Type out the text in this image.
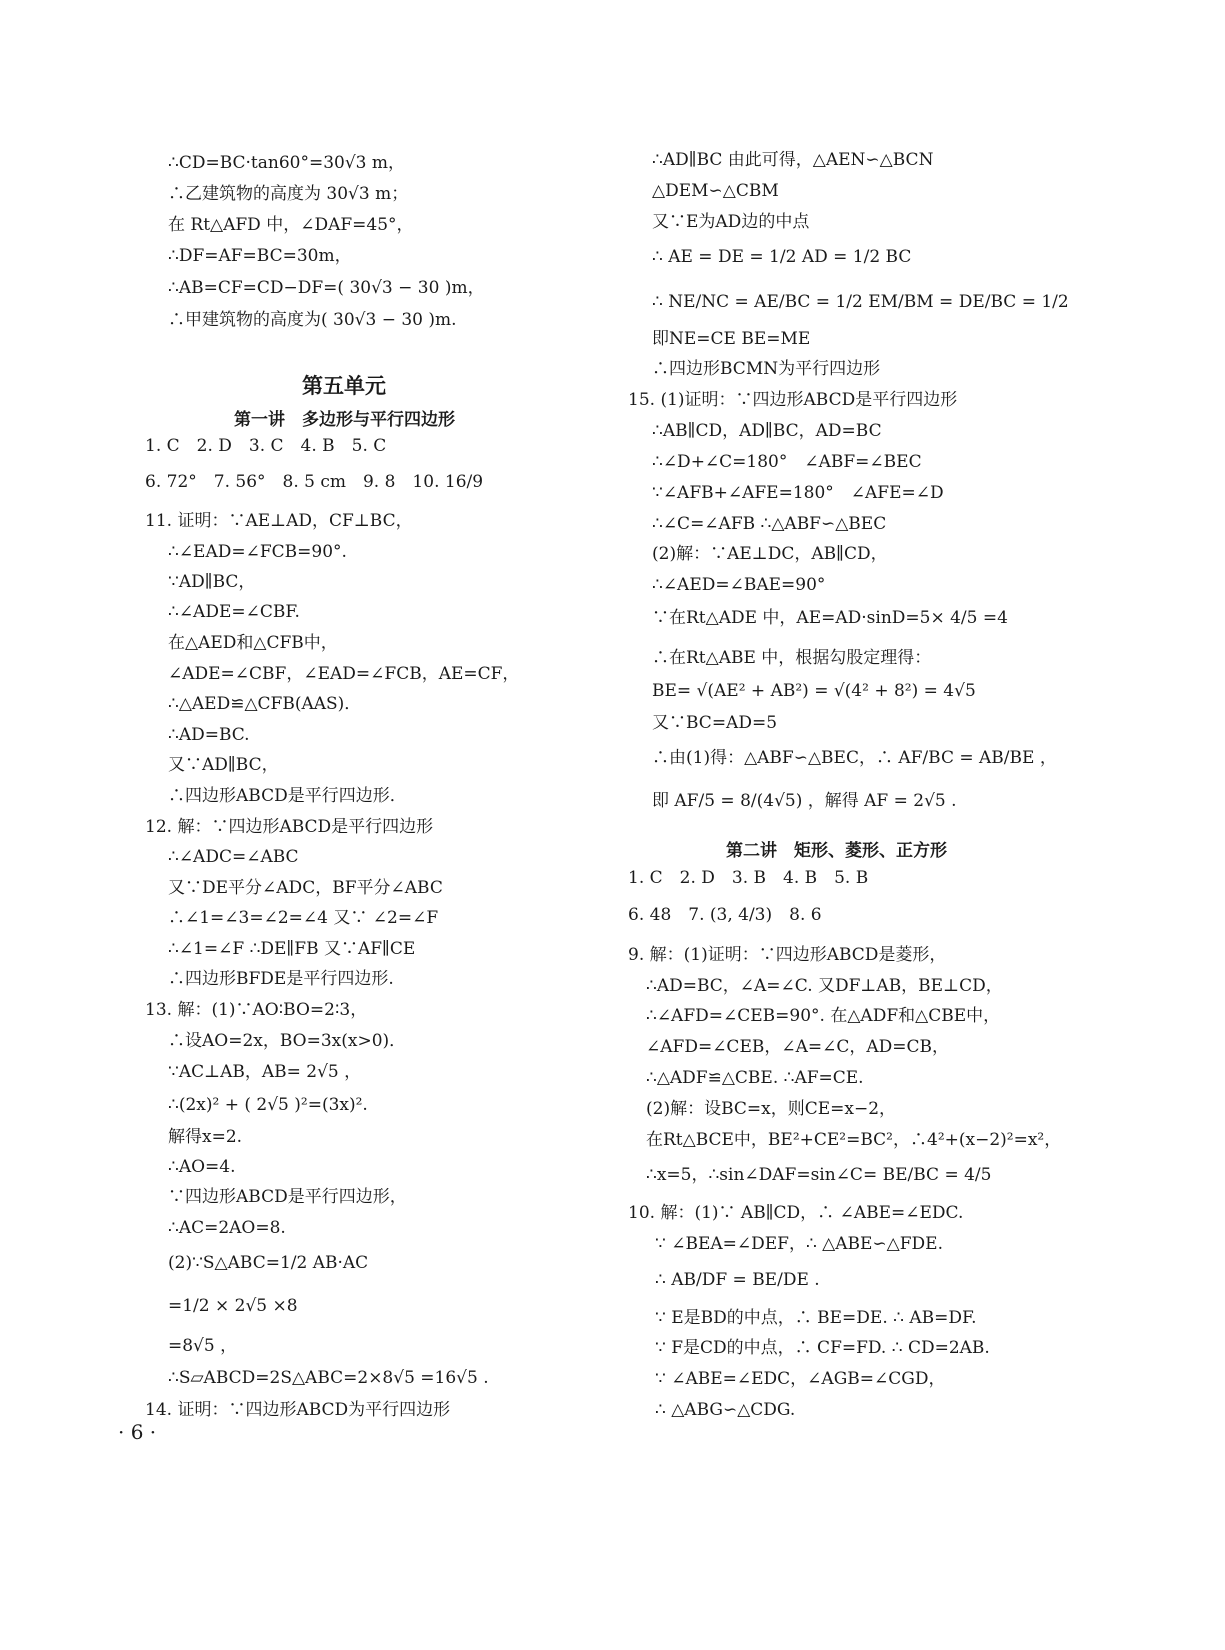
∴CD=BC·tan60°=30√3 m，
∴乙建筑物的高度为 30√3 m；
在 Rt△AFD 中，∠DAF=45°，
∴DF=AF=BC=30m，
∴AB=CF=CD−DF=( 30√3 − 30 )m，
∴甲建筑物的高度为( 30√3 − 30 )m.
第五单元
第一讲　多边形与平行四边形
1. C　2. D　3. C　4. B　5. C
6. 72°　7. 56°　8. 5 cm　9. 8　10. 16/9
11. 证明：∵AE⊥AD，CF⊥BC，
∴∠EAD=∠FCB=90°.
∵AD∥BC，
∴∠ADE=∠CBF.
在△AED和△CFB中，
∠ADE=∠CBF，∠EAD=∠FCB，AE=CF，
∴△AED≌△CFB(AAS)．
∴AD=BC.
又∵AD∥BC，
∴四边形ABCD是平行四边形．
12. 解：∵四边形ABCD是平行四边形
∴∠ADC=∠ABC
又∵DE平分∠ADC，BF平分∠ABC
∴∠1=∠3=∠2=∠4 又∵ ∠2=∠F
∴∠1=∠F ∴DE∥FB 又∵AF∥CE
∴四边形BFDE是平行四边形.
13. 解：(1)∵AO∶BO=2∶3，
∴设AO=2x，BO=3x(x>0)．
∵AC⊥AB，AB= 2√5 ，
∴(2x)² + ( 2√5 )²=(3x)².
解得x=2.
∴AO=4.
∵四边形ABCD是平行四边形，
∴AC=2AO=8.
(2)∵S△ABC=1/2 AB·AC
=1/2 × 2√5 ×8
=8√5 ，
∴S▱ABCD=2S△ABC=2×8√5 =16√5 .
14. 证明：∵四边形ABCD为平行四边形
∴AD∥BC 由此可得，△AEN∽△BCN
△DEM∽△CBM
又∵E为AD边的中点
∴ AE = DE = 1/2 AD = 1/2 BC
∴ NE/NC = AE/BC = 1/2 EM/BM = DE/BC = 1/2
即NE=CE BE=ME
∴四边形BCMN为平行四边形
15. (1)证明：∵四边形ABCD是平行四边形
∴AB∥CD，AD∥BC，AD=BC
∴∠D+∠C=180°　∠ABF=∠BEC
∵∠AFB+∠AFE=180°　∠AFE=∠D
∴∠C=∠AFB ∴△ABF∽△BEC
(2)解：∵AE⊥DC，AB∥CD，
∴∠AED=∠BAE=90°
∵在Rt△ADE 中，AE=AD·sinD=5× 4/5 =4
∴在Rt△ABE 中，根据勾股定理得：
BE= √(AE² + AB²) = √(4² + 8²) = 4√5
又∵BC=AD=5
∴由(1)得：△ABF∽△BEC，∴ AF/BC = AB/BE ，
即 AF/5 = 8/(4√5) ，解得 AF = 2√5 .
第二讲　矩形、菱形、正方形
1. C　2. D　3. B　4. B　5. B
6. 48　7. (3, 4/3)　8. 6
9. 解：(1)证明：∵四边形ABCD是菱形，
∴AD=BC，∠A=∠C. 又DF⊥AB，BE⊥CD，
∴∠AFD=∠CEB=90°. 在△ADF和△CBE中，
∠AFD=∠CEB，∠A=∠C，AD=CB，
∴△ADF≌△CBE. ∴AF=CE.
(2)解：设BC=x，则CE=x−2，
在Rt△BCE中，BE²+CE²=BC²，∴4²+(x−2)²=x²，
∴x=5，∴sin∠DAF=sin∠C= BE/BC = 4/5
10. 解：(1)∵ AB∥CD，∴ ∠ABE=∠EDC.
∵ ∠BEA=∠DEF，∴ △ABE∽△FDE.
∴ AB/DF = BE/DE .
∵ E是BD的中点，∴ BE=DE. ∴ AB=DF.
∵ F是CD的中点，∴ CF=FD. ∴ CD=2AB.
∵ ∠ABE=∠EDC，∠AGB=∠CGD，
∴ △ABG∽△CDG.
· 6 ·
